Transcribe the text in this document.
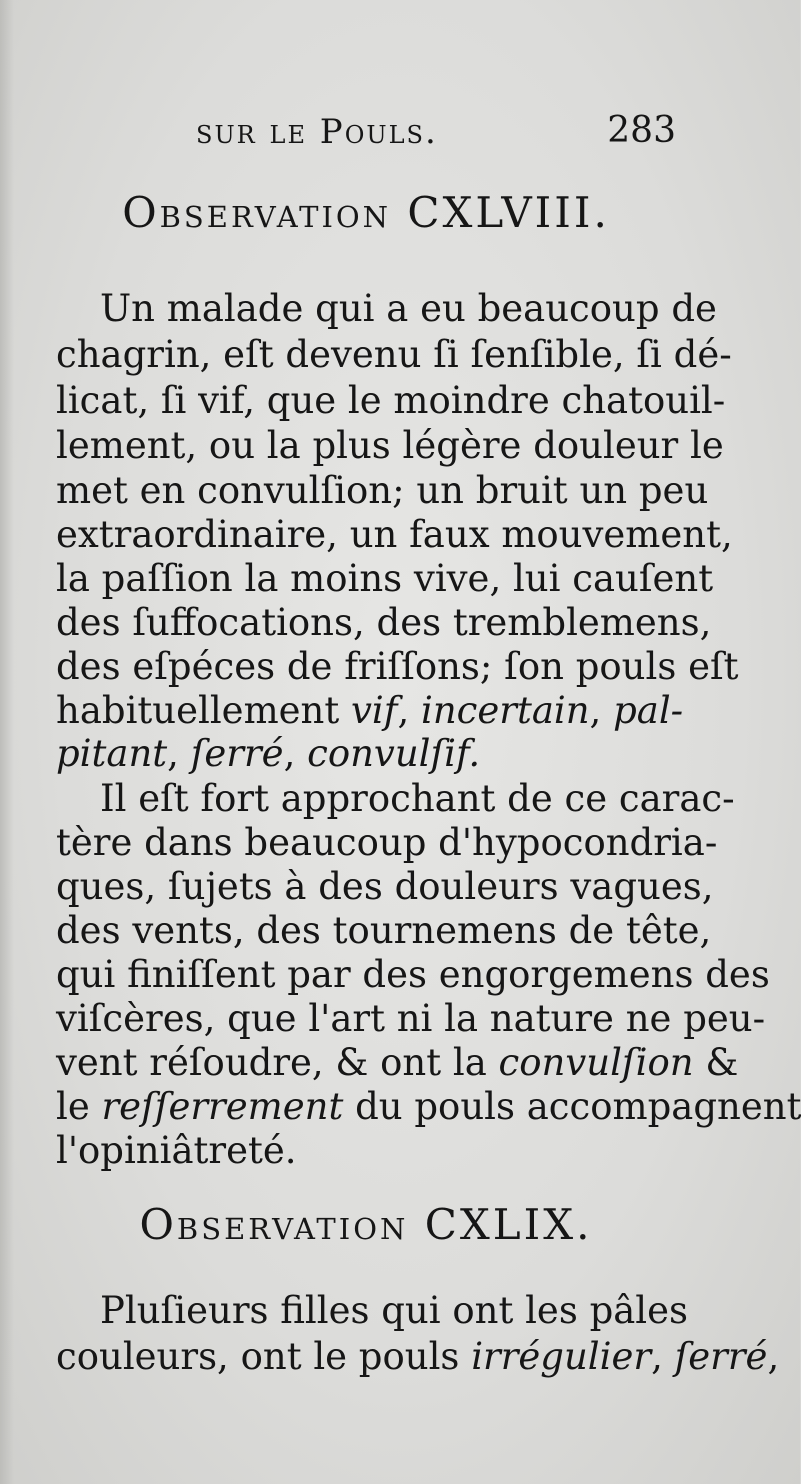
sur le Pouls.	283
Observation CXLVIII.
Un malade qui a eu beaucoup de
chagrin, eſt devenu ſi ſenſible, ſi dé-
licat, ſi vif, que le moindre chatouil-
lement, ou la plus légère douleur le
met en convulſion; un bruit un peu
extraordinaire, un faux mouvement,
la paſſion la moins vive, lui cauſent
des ſuffocations, des tremblemens,
des eſpéces de friſſons; ſon pouls eſt
habituellement vif, incertain, pal-
pitant, ſerré, convulſif.
Il eſt fort approchant de ce carac-
tère dans beaucoup d'hypocondria-
ques, ſujets à des douleurs vagues,
des vents, des tournemens de tête,
qui finiſſent par des engorgemens des
viſcères, que l'art ni la nature ne peu-
vent réſoudre, & ont la convulſion &
le reſſerrement du pouls accompagnent
l'opiniâtreté.
Observation CXLIX.
Pluſieurs filles qui ont les pâles
couleurs, ont le pouls irrégulier, ſerré,
